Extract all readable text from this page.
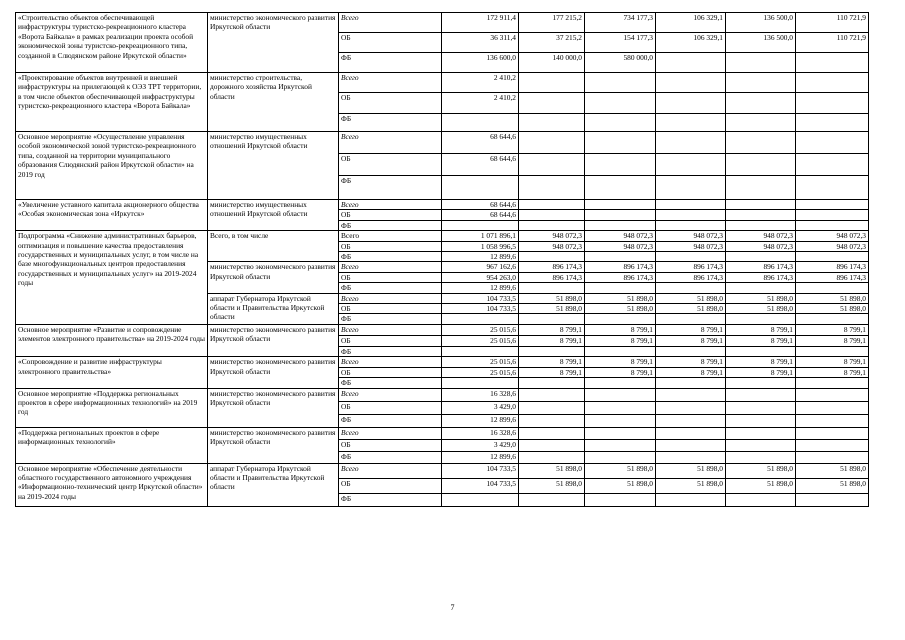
«Строительство объектов обеспечивающей инфраструктуры туристско-рекреационного кластера «Ворота Байкала» в рамках реализации проекта особой экономической зоны туристско-рекреационного типа, созданной в Слюдянском районе Иркутской области»	министерство экономического развития Иркутской области	Всего	172 911,4	177 215,2	734 177,3	106 329,1	136 500,0	110 721,9
		ОБ	36 311,4	37 215,2	154 177,3	106 329,1	136 500,0	110 721,9
		ФБ	136 600,0	140 000,0	580 000,0			
«Проектирование объектов внутренней и внешней инфраструктуры на прилегающей к ОЭЗ ТРТ территории, в том числе объектов обеспечивающей инфраструктуры туристско-рекреационного кластера «Ворота Байкала»	министерство строительства, дорожного хозяйства Иркутской области	Всего	2 410,2					
		ОБ	2 410,2					
		ФБ						
Основное мероприятие «Осуществление управления особой экономической зоной туристско-рекреационного типа, созданной на территории муниципального образования Слюдянский район Иркутской области» на 2019 год	министерство имущественных отношений Иркутской области	Всего	68 644,6					
		ОБ	68 644,6					
		ФБ						
«Увеличение уставного капитала акционерного общества «Особая экономическая зона «Иркутск»	министерство имущественных отношений Иркутской области	Всего	68 644,6					
		ОБ	68 644,6					
		ФБ						
Подпрограмма «Снижение административных барьеров, оптимизация и повышение качества предоставления государственных и муниципальных услуг, в том числе на базе многофункциональных центров предоставления государственных и муниципальных услуг» на 2019-2024 годы	Всего, в том числе	Всего	1 071 896,1	948 072,3	948 072,3	948 072,3	948 072,3	948 072,3
		ОБ	1 058 996,5	948 072,3	948 072,3	948 072,3	948 072,3	948 072,3
		ФБ	12 899,6					
	министерство экономического развития Иркутской области	Всего	967 162,6	896 174,3	896 174,3	896 174,3	896 174,3	896 174,3
		ОБ	954 263,0	896 174,3	896 174,3	896 174,3	896 174,3	896 174,3
		ФБ	12 899,6					
	аппарат Губернатора Иркутской области и Правительства Иркутской области	Всего	104 733,5	51 898,0	51 898,0	51 898,0	51 898,0	51 898,0
		ОБ	104 733,5	51 898,0	51 898,0	51 898,0	51 898,0	51 898,0
		ФБ						
Основное мероприятие «Развитие и сопровождение элементов электронного правительства» на 2019-2024 годы	министерство экономического развития Иркутской области	Всего	25 015,6	8 799,1	8 799,1	8 799,1	8 799,1	8 799,1
		ОБ	25 015,6	8 799,1	8 799,1	8 799,1	8 799,1	8 799,1
		ФБ						
«Сопровождение и развитие инфраструктуры электронного правительства»	министерство экономического развития Иркутской области	Всего	25 015,6	8 799,1	8 799,1	8 799,1	8 799,1	8 799,1
		ОБ	25 015,6	8 799,1	8 799,1	8 799,1	8 799,1	8 799,1
		ФБ						
Основное мероприятие «Поддержка региональных проектов в сфере информационных технологий» на 2019 год	министерство экономического развития Иркутской области	Всего	16 328,6					
		ОБ	3 429,0					
		ФБ	12 899,6					
«Поддержка региональных проектов в сфере информационных технологий»	министерство экономического развития Иркутской области	Всего	16 328,6					
		ОБ	3 429,0					
		ФБ	12 899,6					
Основное мероприятие «Обеспечение деятельности областного государственного автономного учреждения «Информационно-технический центр Иркутской области» на 2019-2024 годы	аппарат Губернатора Иркутской области и Правительства Иркутской области	Всего	104 733,5	51 898,0	51 898,0	51 898,0	51 898,0	51 898,0
		ОБ	104 733,5	51 898,0	51 898,0	51 898,0	51 898,0	51 898,0
		ФБ						
7
